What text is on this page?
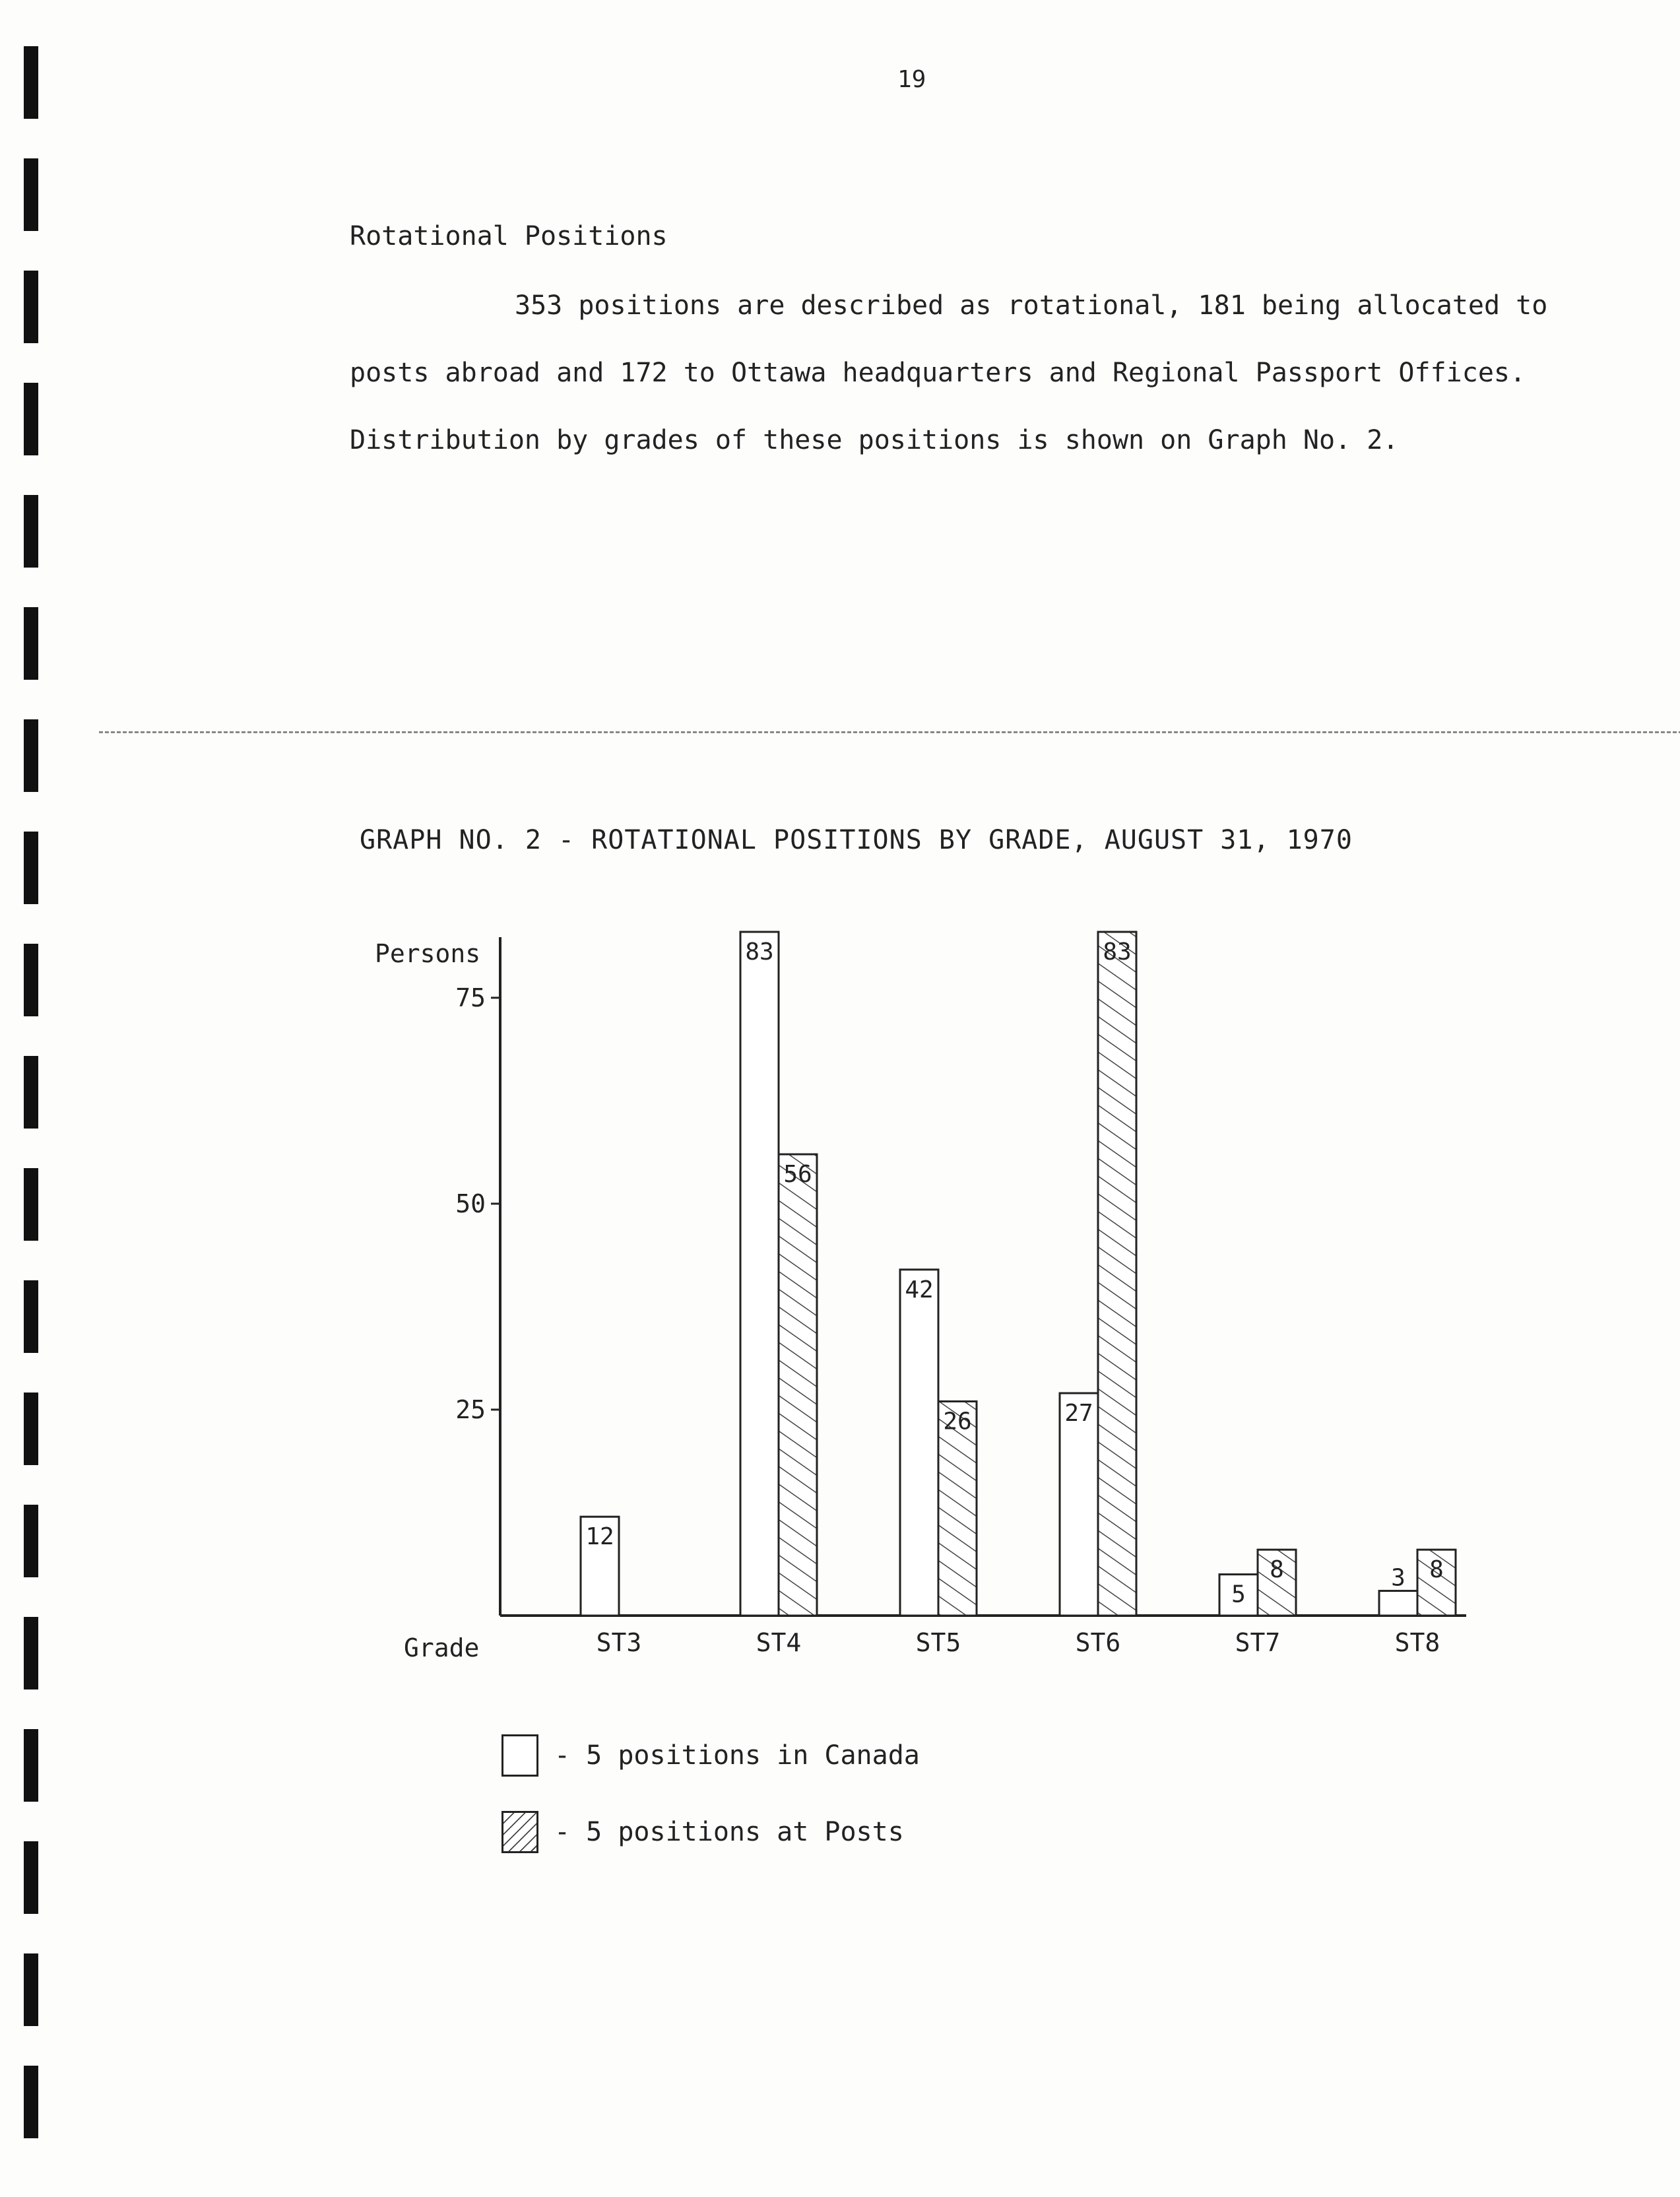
19
Rotational Positions

353 positions are described as rotational, 181 being allocated to posts abroad and 172 to Ottawa headquarters and Regional Passport Offices. Distribution by grades of these positions is shown on Graph No. 2.

GRAPH NO. 2 - ROTATIONAL POSITIONS BY GRADE, AUGUST 31, 1970
25
50
75
ST3
12
ST4
83
56
ST5
42
26
ST6
27
83
ST7
5
8
ST8
3 8
Persons
Grade
- 5 positions in Canada
- 5 positions at Posts
